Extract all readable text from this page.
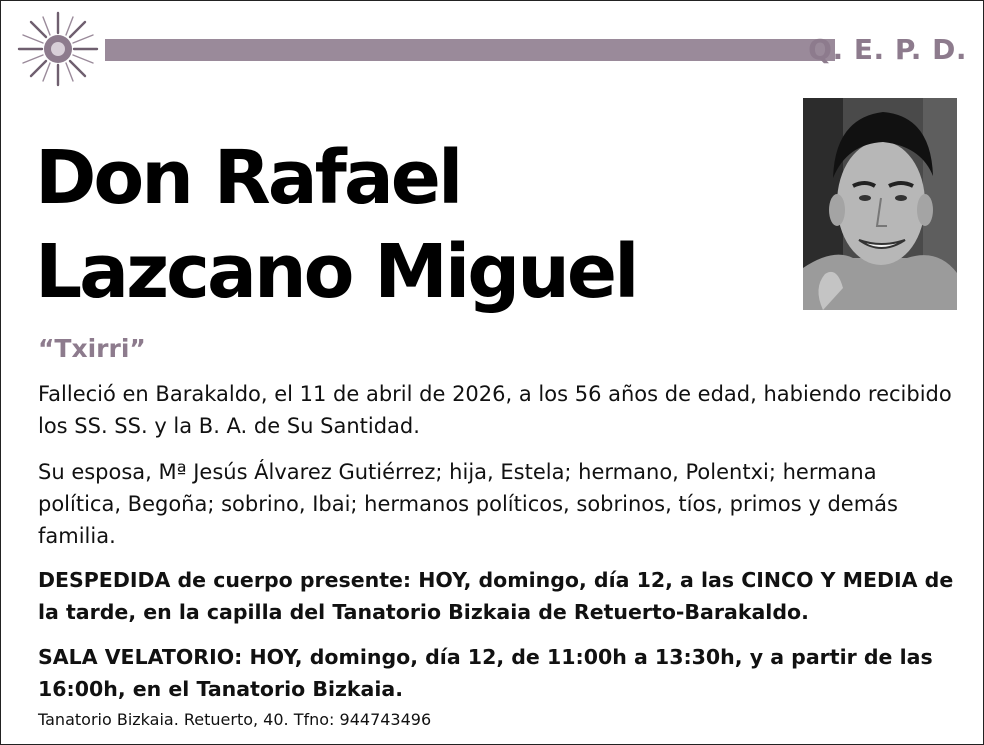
Q. E. P. D.
Don Rafael
Lazcano Miguel
“Txirri”

Falleció en Barakaldo, el 11 de abril de 2026, a los 56 años de edad, habiendo recibido los SS. SS. y la B. A. de Su Santidad.

Su esposa, Mª Jesús Álvarez Gutiérrez; hija, Estela; hermano, Polentxi; hermana política, Begoña; sobrino, Ibai; hermanos políticos, sobrinos, tíos, primos y demás familia.

DESPEDIDA de cuerpo presente: HOY, domingo, día 12, a las CINCO Y MEDIA de la tarde, en la capilla del Tanatorio Bizkaia de Retuerto-Barakaldo.

SALA VELATORIO: HOY, domingo, día 12, de 11:00h a 13:30h, y a partir de las 16:00h, en el Tanatorio Bizkaia.

Tanatorio Bizkaia. Retuerto, 40. Tfno: 944743496
